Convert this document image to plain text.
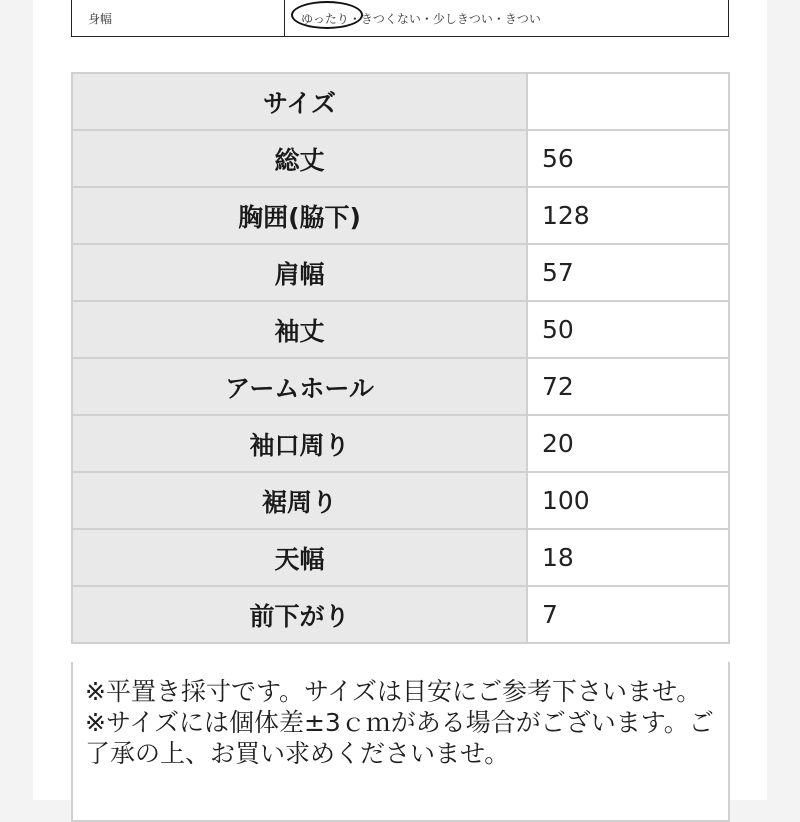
身幅	ゆったり・きつくない・少しきつい・きつい
サイズ	
総丈	56
胸囲(脇下)	128
肩幅	57
袖丈	50
アームホール	72
袖口周り	20
裾周り	100
天幅	18
前下がり	7

※平置き採寸です。サイズは目安にご参考下さいませ。

※サイズには個体差±3ｃｍがある場合がございます。ご了承の上、お買い求めくださいませ。
